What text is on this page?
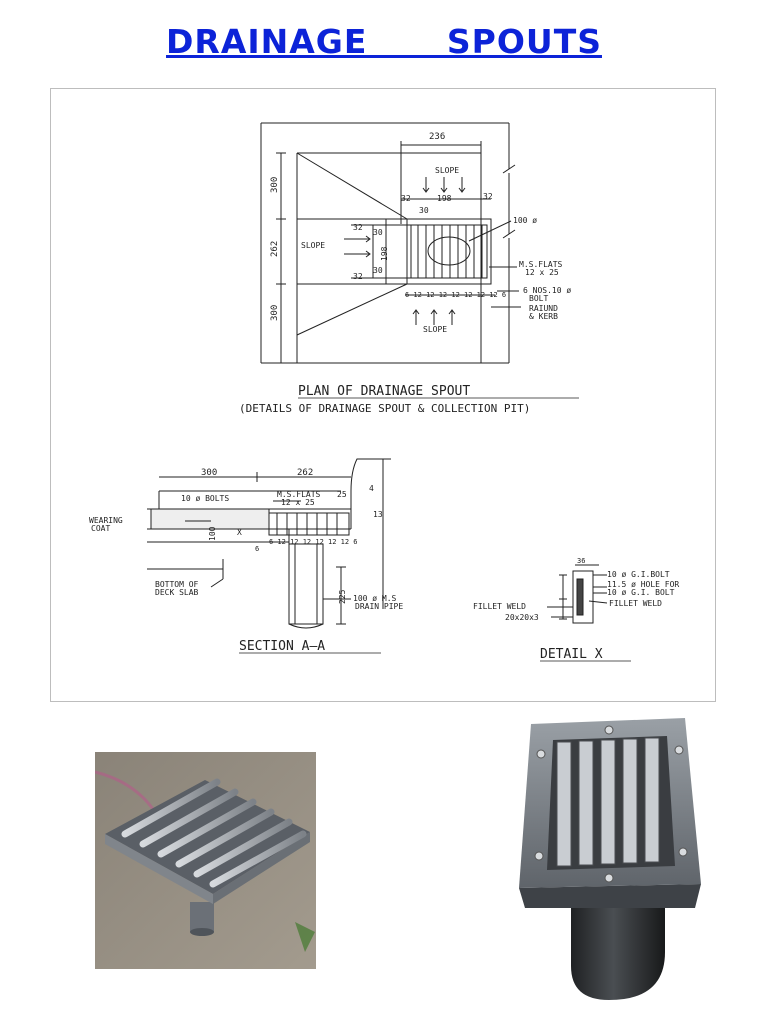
DRAINAGE   SPOUTS
236
300
262
300
SLOPE
32	198	32
30
32
30
198
30
32
SLOPE
100 ø
M.S.FLATS
12 x 25
6 12 12 12 12 12 12 12 6 6 NOS.10 ø
BOLT
RAIUND
& KERB
SLOPE
PLAN OF DRAINAGE SPOUT
(DETAILS OF DRAINAGE SPOUT & COLLECTION PIT)
300	262
10 ø BOLTS	M.S.FLATS
12 x 25
25
4
13
WEARING
COAT	100	X
6
6 12 12 12 12 12 12 6
BOTTOM OF
DECK SLAB	225 100 ø M.S
DRAIN PIPE
SECTION A–A
36
10 ø G.I.BOLT
11.5 ø HOLE FOR
10 ø G.I. BOLT
FILLET WELD
FILLET WELD
20x20x3
DETAIL X
